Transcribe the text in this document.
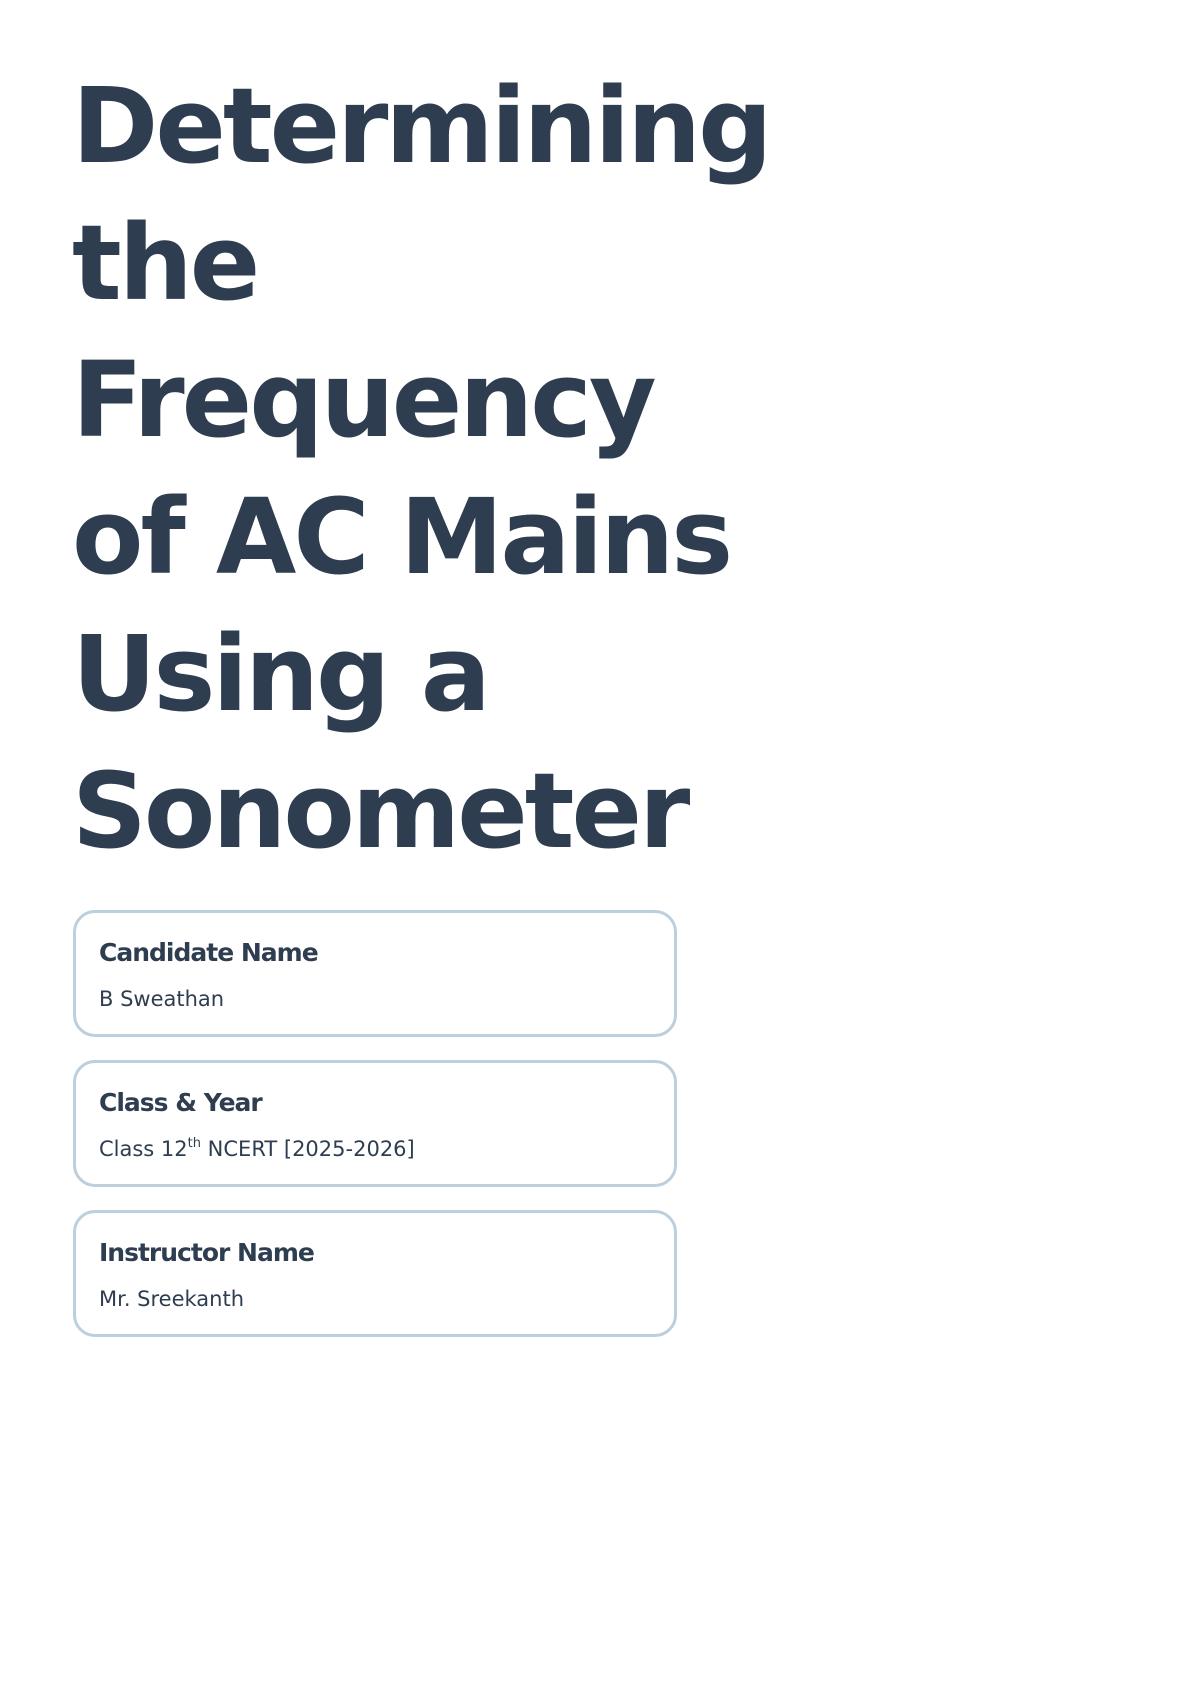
Determining
the
Frequency
of AC Mains
Using a
Sonometer
Candidate Name
B Sweathan
Class & Year
Class 12th NCERT [2025-2026]
Instructor Name
Mr. Sreekanth
